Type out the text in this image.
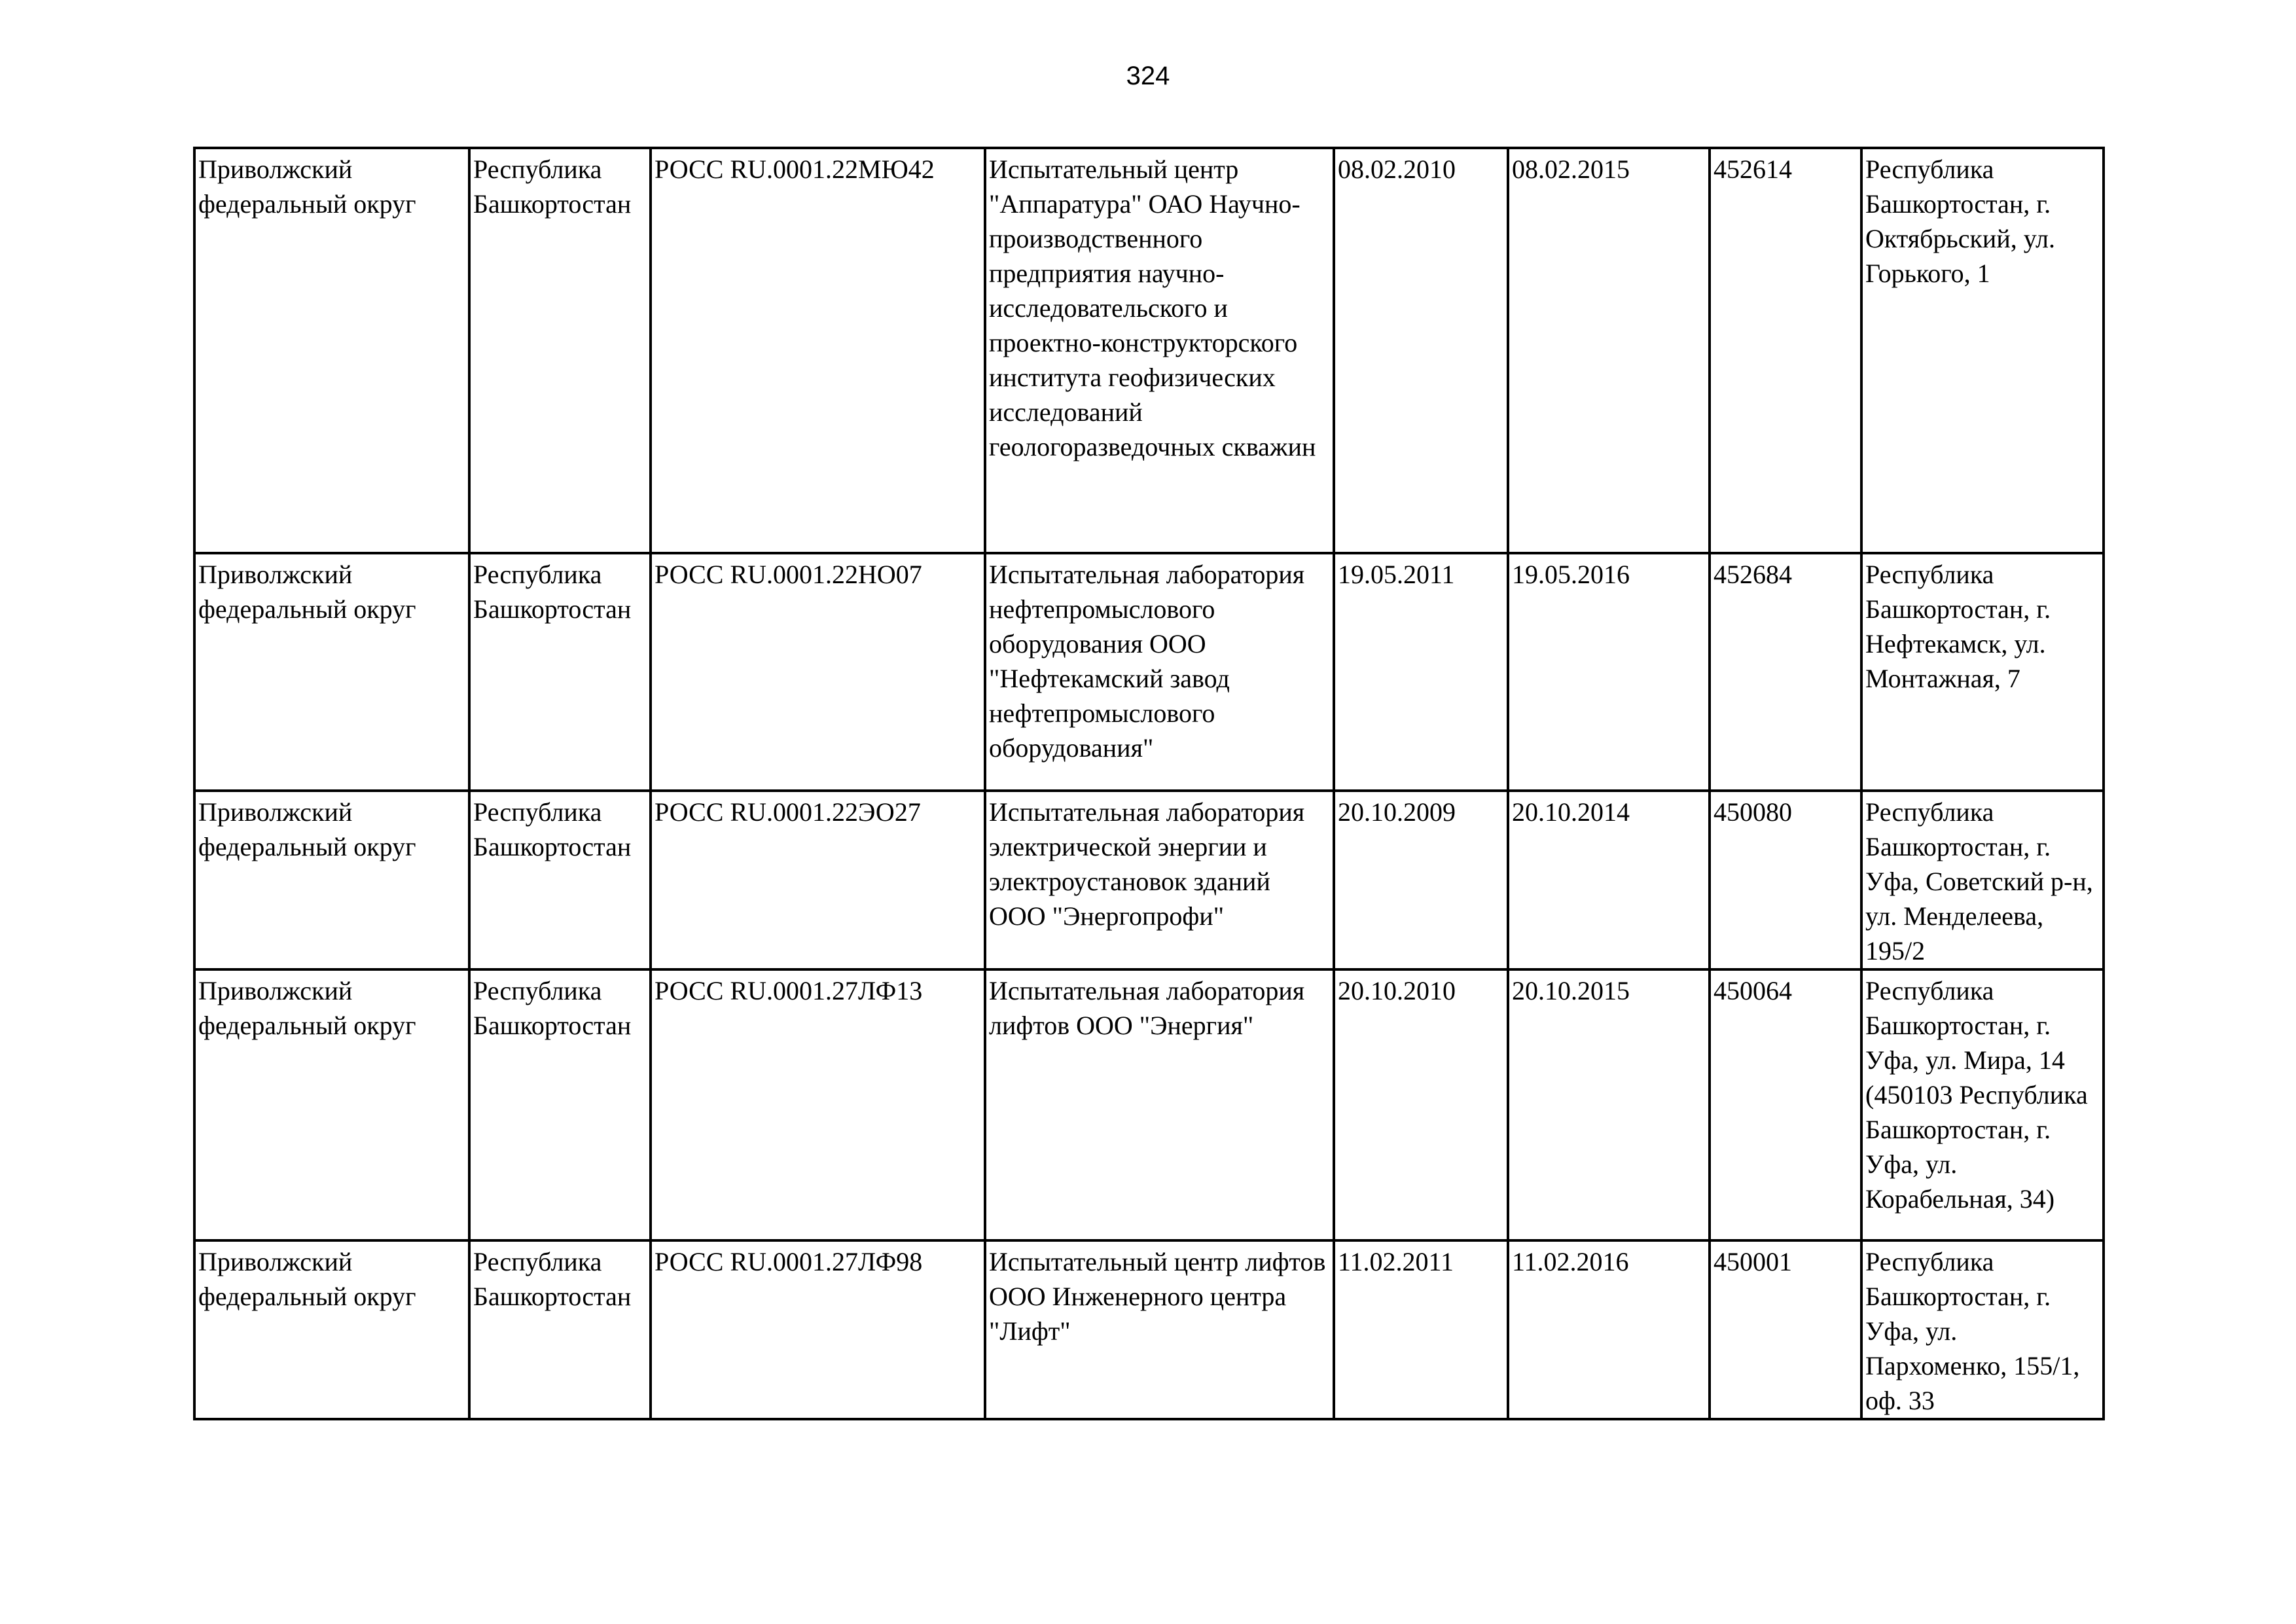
324
Приволжский федеральный округ	Республика Башкортостан	РОСС RU.0001.22МЮ42	Испытательный центр "Аппаратура" ОАО Научно-производственного предприятия научно-исследовательского и проектно-конструкторского института геофизических исследований геологоразведочных скважин	08.02.2010	08.02.2015	452614	Республика Башкортостан, г. Октябрьский, ул. Горького, 1
Приволжский федеральный округ	Республика Башкортостан	РОСС RU.0001.22НО07	Испытательная лаборатория нефтепромыслового оборудования ООО "Нефтекамский завод нефтепромыслового оборудования"	19.05.2011	19.05.2016	452684	Республика Башкортостан, г. Нефтекамск, ул. Монтажная, 7
Приволжский федеральный округ	Республика Башкортостан	РОСС RU.0001.22ЭО27	Испытательная лаборатория электрической энергии и электроустановок зданий ООО "Энергопрофи"	20.10.2009	20.10.2014	450080	Республика Башкортостан, г. Уфа, Советский р-н, ул. Менделеева, 195/2
Приволжский федеральный округ	Республика Башкортостан	РОСС RU.0001.27ЛФ13	Испытательная лаборатория лифтов ООО "Энергия"	20.10.2010	20.10.2015	450064	Республика Башкортостан, г. Уфа, ул. Мира, 14 (450103 Республика Башкортостан, г. Уфа, ул. Корабельная, 34)
Приволжский федеральный округ	Республика Башкортостан	РОСС RU.0001.27ЛФ98	Испытательный центр лифтов ООО Инженерного центра "Лифт"	11.02.2011	11.02.2016	450001	Республика Башкортостан, г. Уфа, ул. Пархоменко, 155/1, оф. 33
